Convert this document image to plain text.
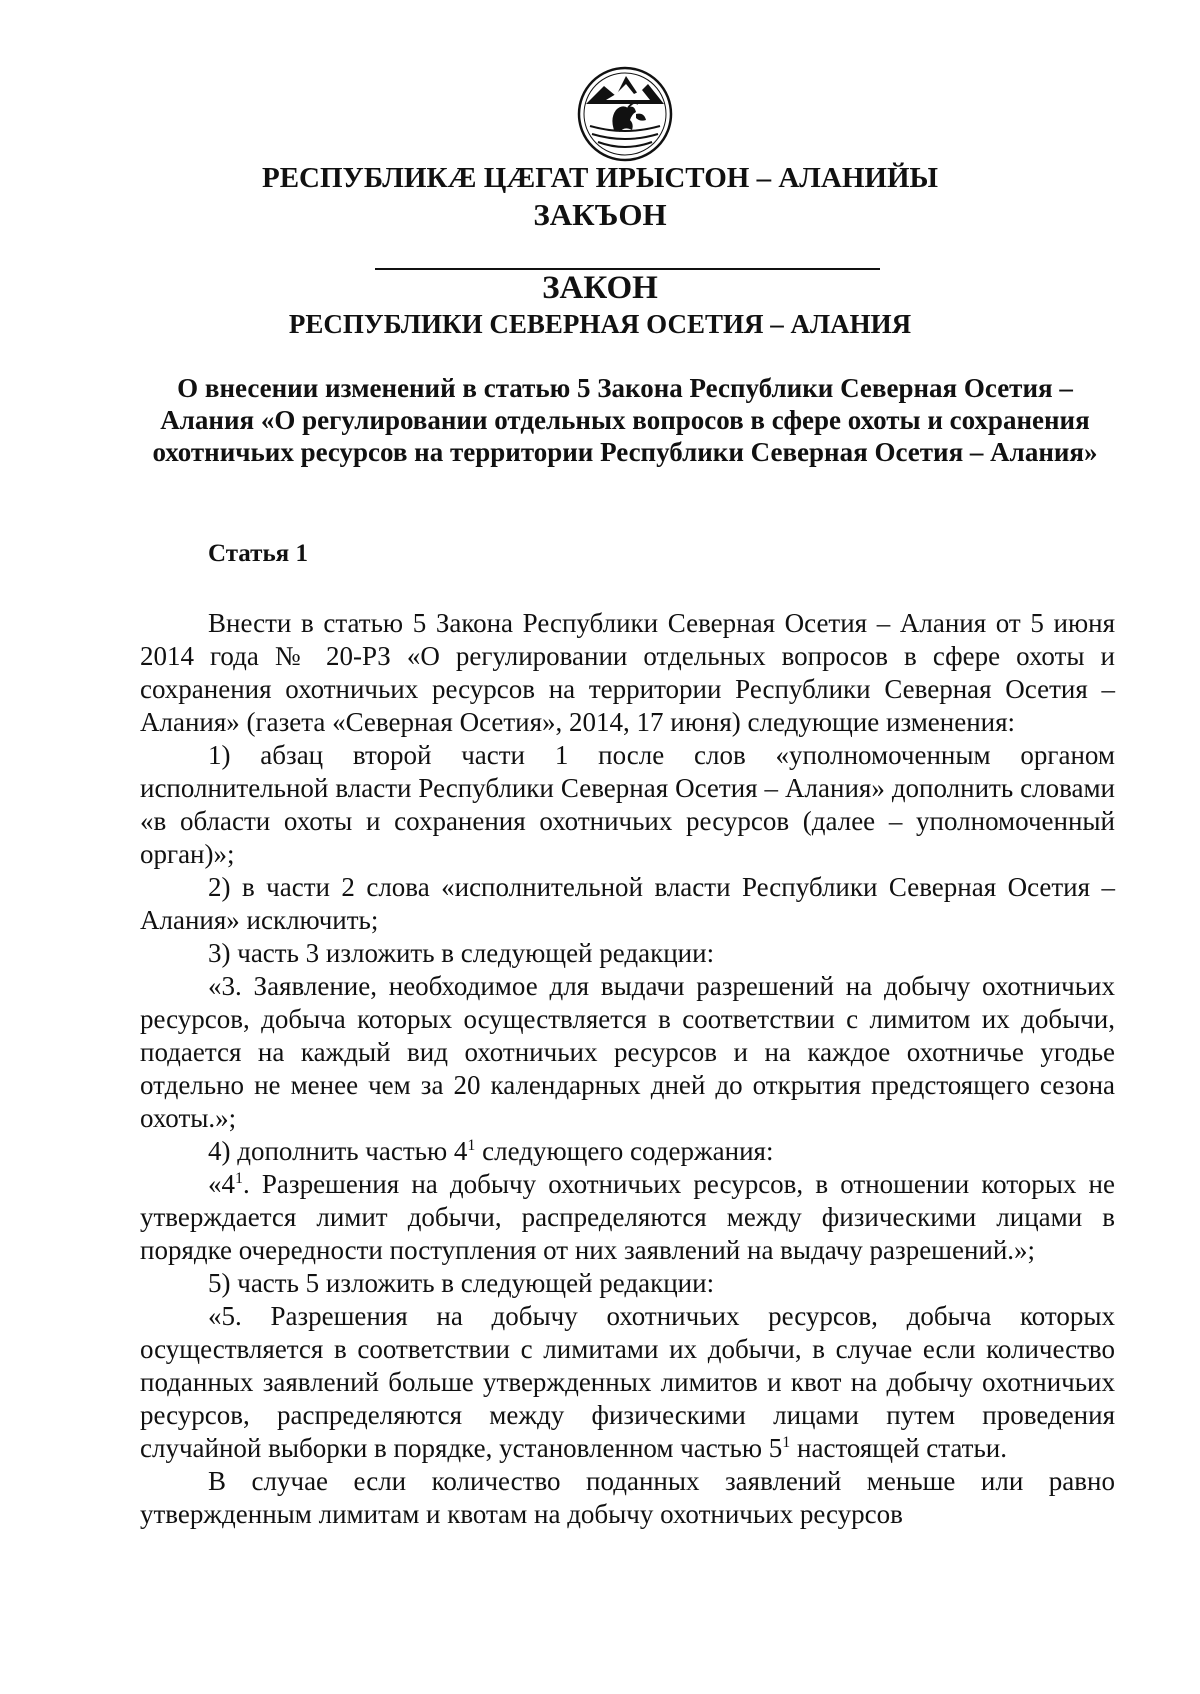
РЕСПУБЛИКӔ ЦӔГАТ ИРЫСТОН – АЛАНИЙЫ
ЗАКЪОН
ЗАКОН
РЕСПУБЛИКИ СЕВЕРНАЯ ОСЕТИЯ – АЛАНИЯ
О внесении изменений в статью 5 Закона Республики Северная Осетия – Алания «О регулировании отдельных вопросов в сфере охоты и сохранения охотничьих ресурсов на территории Республики Северная Осетия – Алания»
Статья 1

Внести в статью 5 Закона Республики Северная Осетия – Алания от 5 июня 2014 года № 20-РЗ «О регулировании отдельных вопросов в сфере охоты и сохранения охотничьих ресурсов на территории Республики Северная Осетия – Алания» (газета «Северная Осетия», 2014, 17 июня) следующие изменения:

1) абзац второй части 1 после слов «уполномоченным органом исполнительной власти Республики Северная Осетия – Алания» дополнить словами «в области охоты и сохранения охотничьих ресурсов (далее – уполномоченный орган)»;

2) в части 2 слова «исполнительной власти Республики Северная Осетия – Алания» исключить;

3) часть 3 изложить в следующей редакции:

«3. Заявление, необходимое для выдачи разрешений на добычу охотничьих ресурсов, добыча которых осуществляется в соответствии с лимитом их добычи, подается на каждый вид охотничьих ресурсов и на каждое охотничье угодье отдельно не менее чем за 20 календарных дней до открытия предстоящего сезона охоты.»;

4) дополнить частью $4^1$ следующего содержания:

«$4^1$. Разрешения на добычу охотничьих ресурсов, в отношении которых не утверждается лимит добычи, распределяются между физическими лицами в порядке очередности поступления от них заявлений на выдачу разрешений.»;

5) часть 5 изложить в следующей редакции:

«5. Разрешения на добычу охотничьих ресурсов, добыча которых осуществляется в соответствии с лимитами их добычи, в случае если количество поданных заявлений больше утвержденных лимитов и квот на добычу охотничьих ресурсов, распределяются между физическими лицами путем проведения случайной выборки в порядке, установленном частью $5^1$ настоящей статьи.

В случае если количество поданных заявлений меньше или равно утвержденным лимитам и квотам на добычу охотничьих ресурсов
